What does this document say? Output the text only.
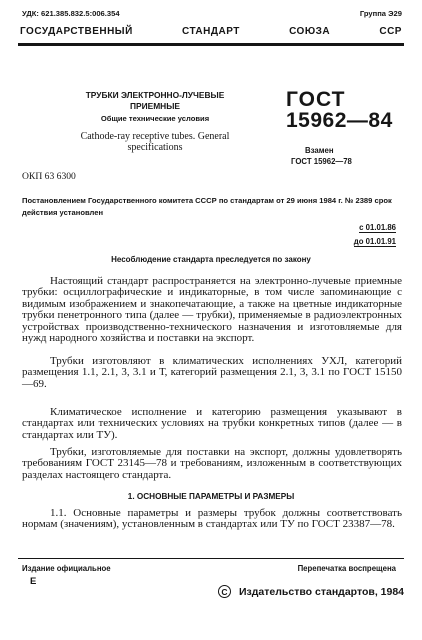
УДК: 621.385.832.5:006.354	Группа Э29
ГОСУДАРСТВЕННЫЙ	СТАНДАРТ	СОЮЗА	ССР
ТРУБКИ ЭЛЕКТРОННО-ЛУЧЕВЫЕ ПРИЕМНЫЕ
Общие технические условия
Cathode-ray receptive tubes. General specifications
ГОСТ
15962—84
Взамен
ГОСТ 15962—78
ОКП 63 6300
Постановлением Государственного комитета СССР по стандартам от 29 июня 1984 г. № 2389 срок действия установлен
с 01.01.86
до 01.01.91
Несоблюдение стандарта преследуется по закону
Настоящий стандарт распространяется на электронно-лучевые приемные трубки: осциллографические и индикаторные, в том числе запоминающие с видимым изображением и знакопечатающие, а также на цветные индикаторные трубки пенетронного типа (далее — трубки), применяемые в радиоэлектронных устройствах производственно-технического назначения и изготовляемые для нужд народного хозяйства и поставки на экспорт.
Трубки изготовляют в климатических исполнениях УХЛ, категорий размещения 1.1, 2.1, 3, 3.1 и Т, категорий размещения 2.1, 3, 3.1 по ГОСТ 15150—69.
Климатическое исполнение и категорию размещения указывают в стандартах или технических условиях на трубки конкретных типов (далее — в стандартах или ТУ).
Трубки, изготовляемые для поставки на экспорт, должны удовлетворять требованиям ГОСТ 23145—78 и требованиям, изложенным в соответствующих разделах настоящего стандарта.
1. ОСНОВНЫЕ ПАРАМЕТРЫ И РАЗМЕРЫ
1.1. Основные параметры и размеры трубок должны соответствовать нормам (значениям), установленным в стандартах или ТУ по ГОСТ 23387—78.
Издание официальное	Перепечатка воспрещена
Е
C	Издательство стандартов, 1984
